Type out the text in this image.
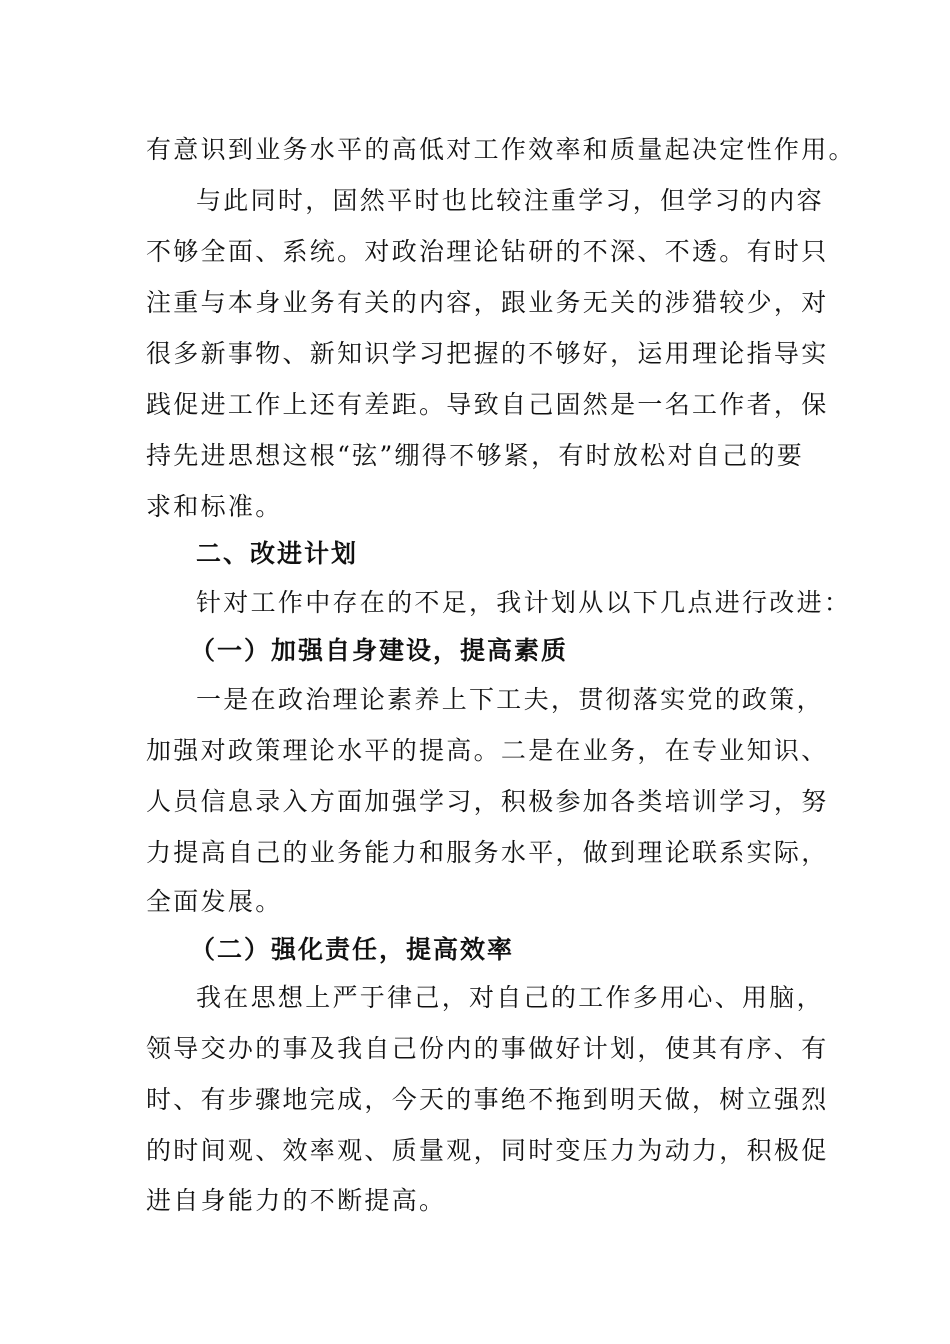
有意识到业务水平的高低对工作效率和质量起决定性作用。
与此同时，固然平时也比较注重学习，但学习的内容
不够全面、系统。对政治理论钻研的不深、不透。有时只
注重与本身业务有关的内容，跟业务无关的涉猎较少，对
很多新事物、新知识学习把握的不够好，运用理论指导实
践促进工作上还有差距。导致自己固然是一名工作者，保
持先进思想这根“弦”绷得不够紧，有时放松对自己的要
求和标准。
二、改进计划
针对工作中存在的不足，我计划从以下几点进行改进：
（一）加强自身建设，提高素质
一是在政治理论素养上下工夫，贯彻落实党的政策，
加强对政策理论水平的提高。二是在业务，在专业知识、
人员信息录入方面加强学习，积极参加各类培训学习，努
力提高自己的业务能力和服务水平，做到理论联系实际，
全面发展。
（二）强化责任，提高效率
我在思想上严于律己，对自己的工作多用心、用脑，
领导交办的事及我自己份内的事做好计划，使其有序、有
时、有步骤地完成，今天的事绝不拖到明天做，树立强烈
的时间观、效率观、质量观，同时变压力为动力，积极促
进自身能力的不断提高。
